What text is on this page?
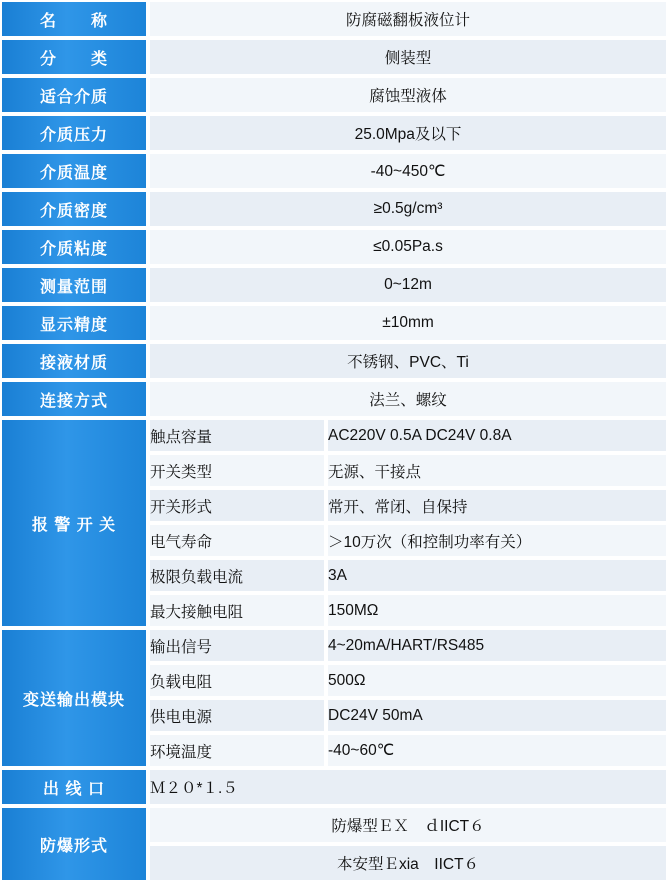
名　　称	防腐磁翻板液位计	
分　　类	侧装型	
适合介质	腐蚀型液体	
介质压力	25.0Mpa及以下	
介质温度	-40~450℃	
介质密度	≥0.5g/cm³	
介质粘度	≤0.05Pa.s	
测量范围	0~12m	
显示精度	±10mm	
接液材质	不锈钢、PVC、Ti	
连接方式	法兰、螺纹	
报 警 开 关	触点容量	AC220V 0.5A DC24V 0.8A
	开关类型	无源、干接点
	开关形式	常开、常闭、自保持
	电气寿命	＞10万次（和控制功率有关）
	极限负载电流	3A
	最大接触电阻	150MΩ
变送输出模块	输出信号	4~20mA/HART/RS485
	负载电阻	500Ω
	供电电源	DC24V 50mA
	环境温度	-40~60℃
出 线 口	Ｍ２０*１.５	
防爆形式	防爆型ＥＸ　ｄIICT６	
	本安型Ｅxia　IICT６	
